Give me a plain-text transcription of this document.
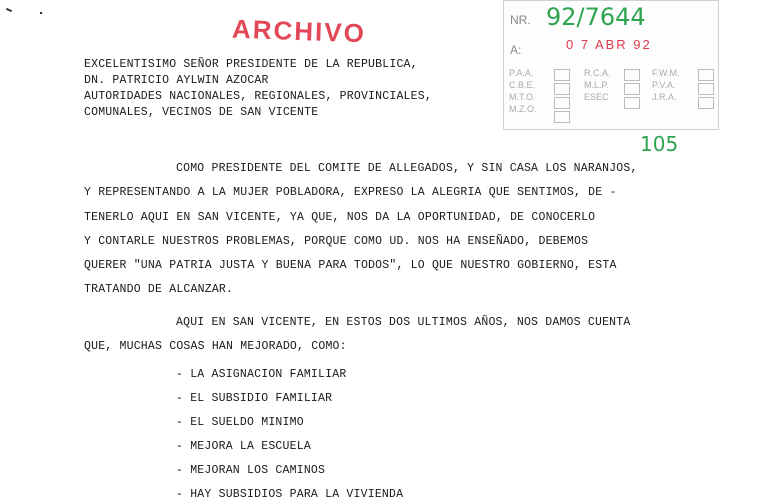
ARCHIVO	NR. 92/7644
A:	0 7 ABR 92
P.A.A.
C.B.E.
M.T.O.
M.Z.O.
R.C.A.
M.L.P.
ESEC
F.W.M.
P.V.A.
J.R.A.
105
EXCELENTISIMO SEÑOR PRESIDENTE DE LA REPUBLICA,
DN. PATRICIO AYLWIN AZOCAR
AUTORIDADES NACIONALES, REGIONALES, PROVINCIALES,
COMUNALES, VECINOS DE SAN VICENTE
COMO PRESIDENTE DEL COMITE DE ALLEGADOS, Y SIN CASA LOS NARANJOS,
Y REPRESENTANDO A LA MUJER POBLADORA, EXPRESO LA ALEGRIA QUE SENTIMOS, DE -
TENERLO AQUI EN SAN VICENTE, YA QUE, NOS DA LA OPORTUNIDAD, DE CONOCERLO
Y CONTARLE NUESTROS PROBLEMAS, PORQUE COMO UD. NOS HA ENSEÑADO, DEBEMOS
QUERER "UNA PATRIA JUSTA Y BUENA PARA TODOS", LO QUE NUESTRO GOBIERNO, ESTA
TRATANDO DE ALCANZAR.
AQUI EN SAN VICENTE, EN ESTOS DOS ULTIMOS AÑOS, NOS DAMOS CUENTA
QUE, MUCHAS COSAS HAN MEJORADO, COMO:
- LA ASIGNACION FAMILIAR
- EL SUBSIDIO FAMILIAR
- EL SUELDO MINIMO
- MEJORA LA ESCUELA
- MEJORAN LOS CAMINOS
- HAY SUBSIDIOS PARA LA VIVIENDA
